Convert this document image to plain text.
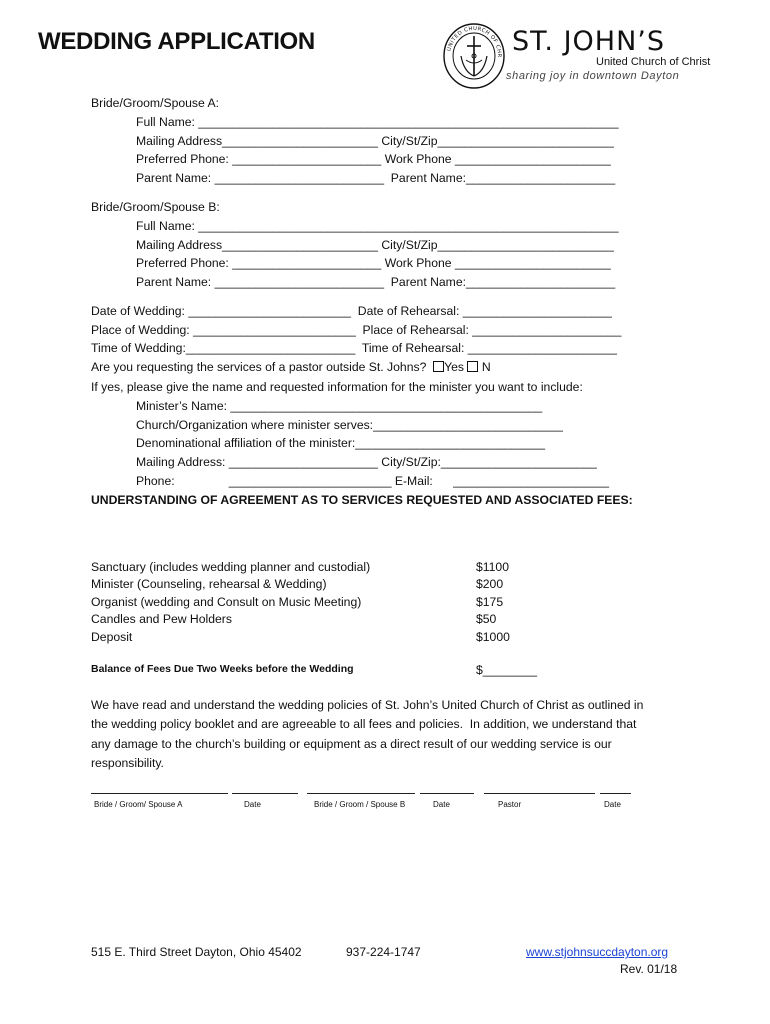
WEDDING APPLICATION	UNITED CHURCH OF CHR ST. JOHN’S
United Church of Christ
sharing joy in downtown Dayton
Bride/Groom/Spouse A:
Full Name: ______________________________________________________________
Mailing Address_______________________ City/St/Zip__________________________
Preferred Phone: ______________________ Work Phone _______________________
Parent Name: _________________________  Parent Name:______________________
Bride/Groom/Spouse B:
Full Name: ______________________________________________________________
Mailing Address_______________________ City/St/Zip__________________________
Preferred Phone: ______________________ Work Phone _______________________
Parent Name: _________________________  Parent Name:______________________
Date of Wedding: ________________________  Date of Rehearsal: ______________________
Place of Wedding: ________________________  Place of Rehearsal: ______________________
Time of Wedding:_________________________  Time of Rehearsal: ______________________
Are you requesting the services of a pastor outside St. Johns? Yes N
If yes, please give the name and requested information for the minister you want to include:
Minister’s Name: ______________________________________________
Church/Organization where minister serves:____________________________
Denominational affiliation of the minister:____________________________
Mailing Address: ______________________ City/St/Zip:_______________________
Phone:                ________________________ E-Mail:      _______________________
UNDERSTANDING OF AGREEMENT AS TO SERVICES REQUESTED AND ASSOCIATED FEES:
Sanctuary (includes wedding planner and custodial)	$1100
Minister (Counseling, rehearsal & Wedding)	$200
Organist (wedding and Consult on Music Meeting)	$175
Candles and Pew Holders	$50
Deposit	$1000
Balance of Fees Due Two Weeks before the Wedding	$________
We have read and understand the wedding policies of St. John’s United Church of Christ as outlined in
the wedding policy booklet and are agreeable to all fees and policies.  In addition, we understand that
any damage to the church’s building or equipment as a direct result of our wedding service is our
responsibility.
Bride / Groom/ Spouse A	Date	Bride / Groom / Spouse B	Date	Pastor	Date
515 E. Third Street Dayton, Ohio 45402	937-224-1747	www.stjohnsuccdayton.org
Rev. 01/18
